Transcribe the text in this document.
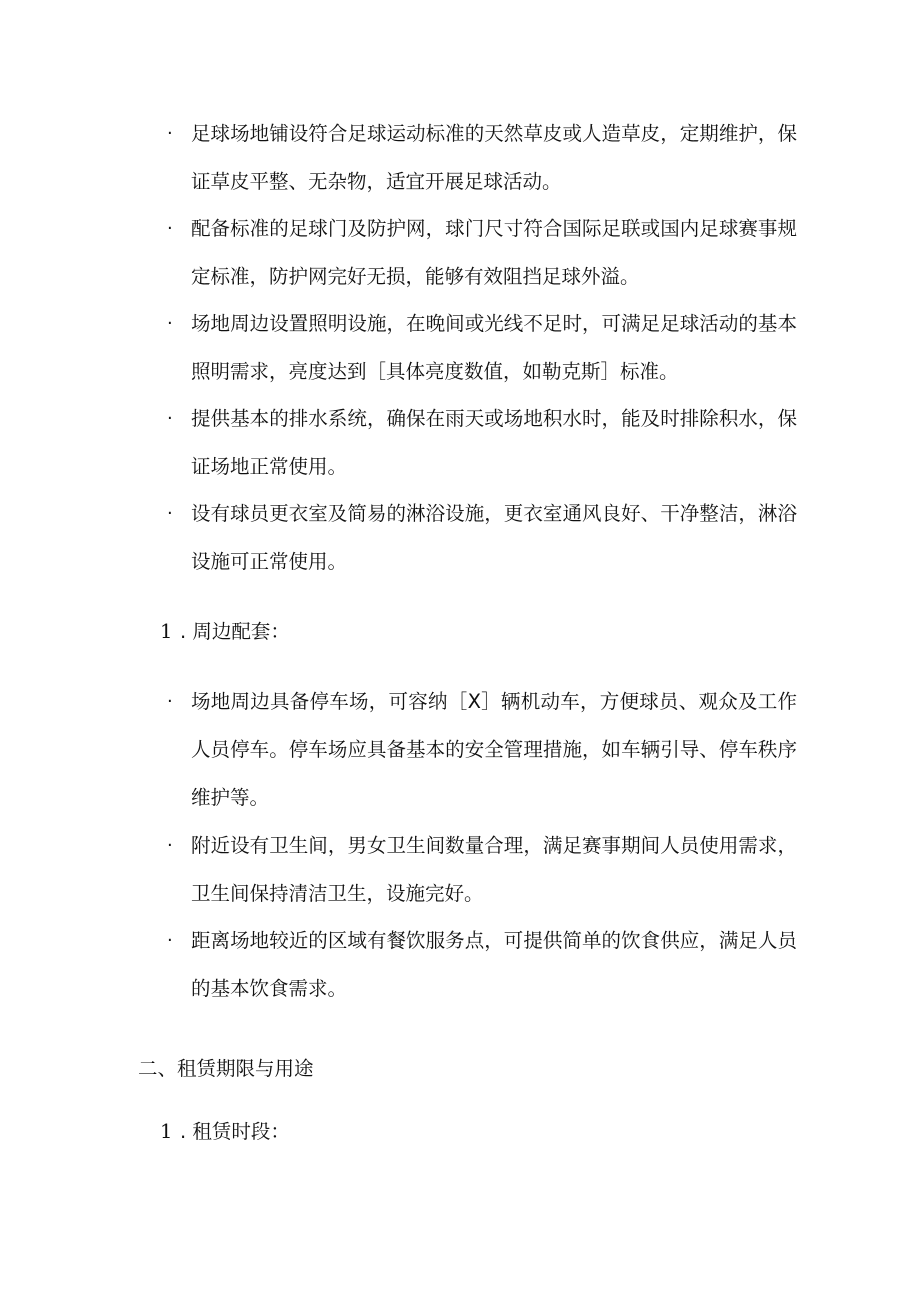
· 足球场地铺设符合足球运动标准的天然草皮或人造草皮，定期维护，保证草皮平整、无杂物，适宜开展足球活动。
· 配备标准的足球门及防护网，球门尺寸符合国际足联或国内足球赛事规定标准，防护网完好无损，能够有效阻挡足球外溢。
· 场地周边设置照明设施，在晚间或光线不足时，可满足足球活动的基本照明需求，亮度达到［具体亮度数值，如勒克斯］标准。
· 提供基本的排水系统，确保在雨天或场地积水时，能及时排除积水，保证场地正常使用。
· 设有球员更衣室及简易的淋浴设施，更衣室通风良好、干净整洁，淋浴设施可正常使用。
1 . 周边配套：
· 场地周边具备停车场，可容纳［X］辆机动车，方便球员、观众及工作人员停车。停车场应具备基本的安全管理措施，如车辆引导、停车秩序维护等。
· 附近设有卫生间，男女卫生间数量合理，满足赛事期间人员使用需求，卫生间保持清洁卫生，设施完好。
· 距离场地较近的区域有餐饮服务点，可提供简单的饮食供应，满足人员的基本饮食需求。
二、租赁期限与用途
1 . 租赁时段：
